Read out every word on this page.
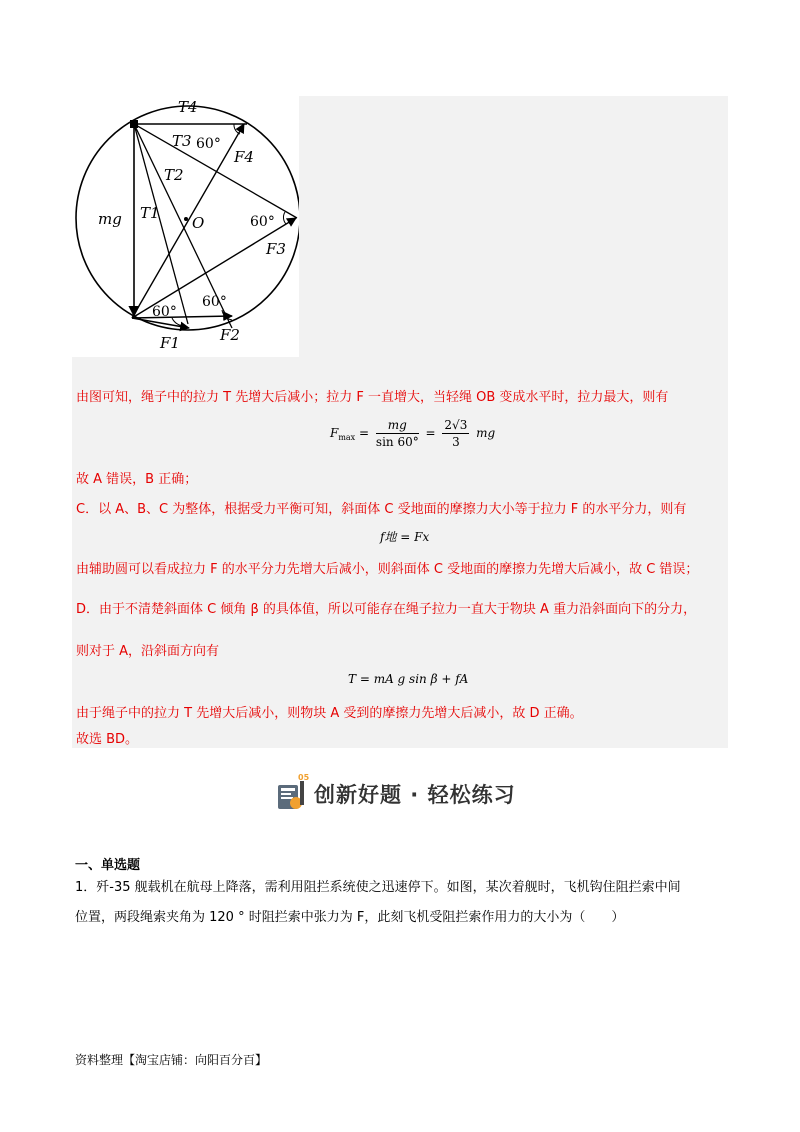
T4
T3
T2
T1
mg	O
F4
F3
F2
F1
60°
60°
60°
60°
由图可知，绳子中的拉力 T 先增大后减小；拉力 F 一直增大，当轻绳 OB 变成水平时，拉力最大，则有
$F_{max} = \frac{mg}{\sin 60^\circ} = \frac{2√3}{3}$ mg
故 A 错误，B 正确；
C．以 A、B、C 为整体，根据受力平衡可知，斜面体 C 受地面的摩擦力大小等于拉力 F 的水平分力，则有
f地 = Fx
由辅助圆可以看成拉力 F 的水平分力先增大后减小，则斜面体 C 受地面的摩擦力先增大后减小，故 C 错误；
D．由于不清楚斜面体 C 倾角 β 的具体值，所以可能存在绳子拉力一直大于物块 A 重力沿斜面向下的分力，
则对于 A，沿斜面方向有
T = mA g sin β + fA
由于绳子中的拉力 T 先增大后减小，则物块 A 受到的摩擦力先增大后减小，故 D 正确。
故选 BD。
05
创新好题 · 轻松练习
一、单选题
1．歼-35 舰载机在航母上降落，需利用阻拦系统使之迅速停下。如图，某次着舰时，飞机钩住阻拦索中间
位置，两段绳索夹角为 120 ° 时阻拦索中张力为 F，此刻飞机受阻拦索作用力的大小为（　　）
资料整理【淘宝店铺：向阳百分百】
